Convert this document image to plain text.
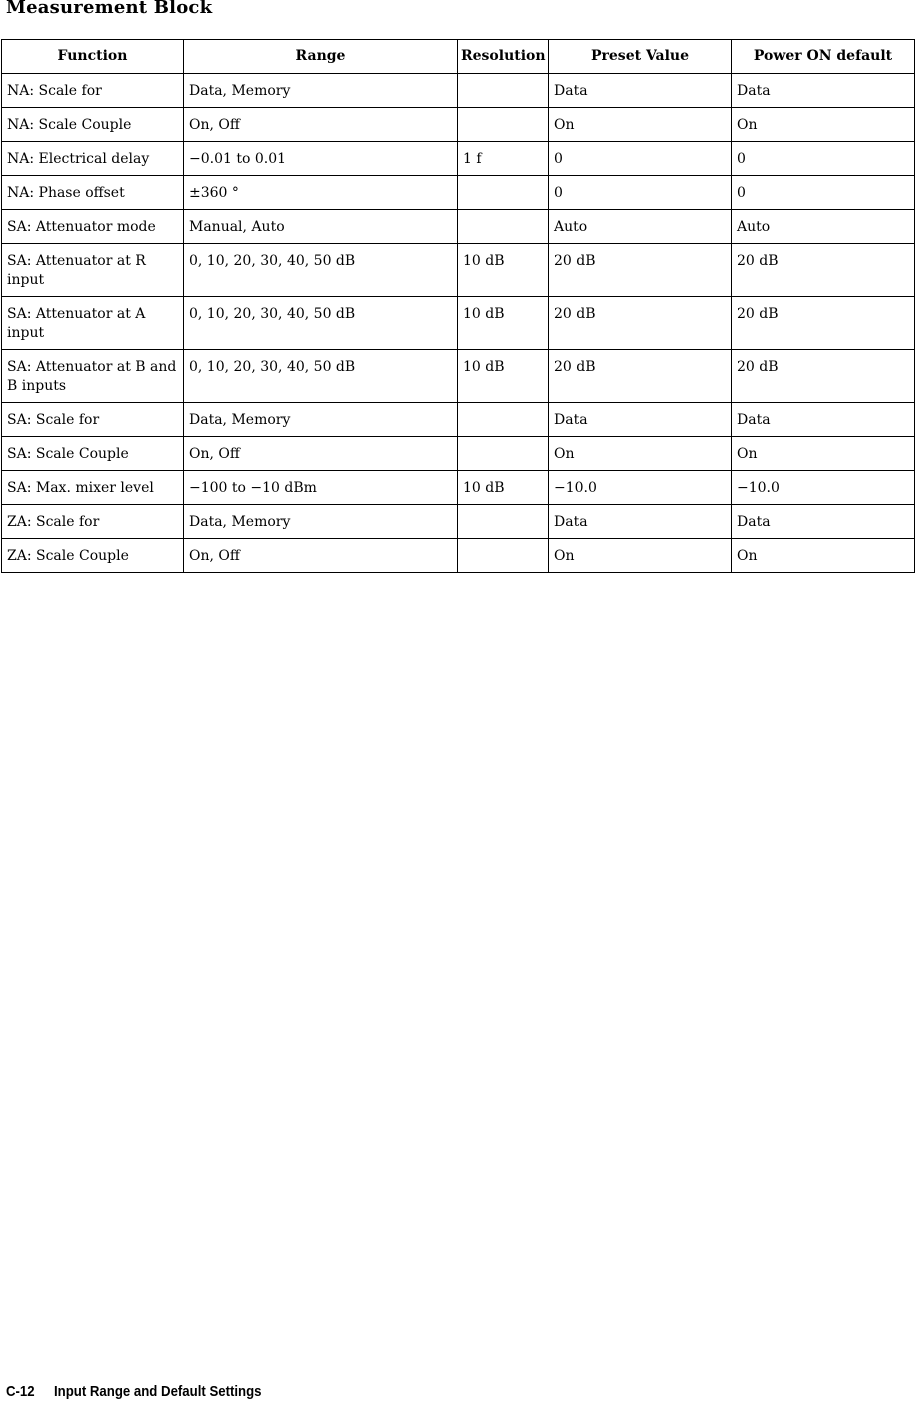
Measurement Block
Function	Range	Resolution	Preset Value	Power ON default
NA: Scale for	Data, Memory		Data	Data
NA: Scale Couple	On, Off		On	On
NA: Electrical delay	−0.01 to 0.01	1 f	0	0
NA: Phase offset	±360 °		0	0
SA: Attenuator mode	Manual, Auto		Auto	Auto
SA: Attenuator at R input	0, 10, 20, 30, 40, 50 dB	10 dB	20 dB	20 dB
SA: Attenuator at A input	0, 10, 20, 30, 40, 50 dB	10 dB	20 dB	20 dB
SA: Attenuator at B and B inputs	0, 10, 20, 30, 40, 50 dB	10 dB	20 dB	20 dB
SA: Scale for	Data, Memory		Data	Data
SA: Scale Couple	On, Off		On	On
SA: Max. mixer level	−100 to −10 dBm	10 dB	−10.0	−10.0
ZA: Scale for	Data, Memory		Data	Data
ZA: Scale Couple	On, Off		On	On
C-12 Input Range and Default Settings
